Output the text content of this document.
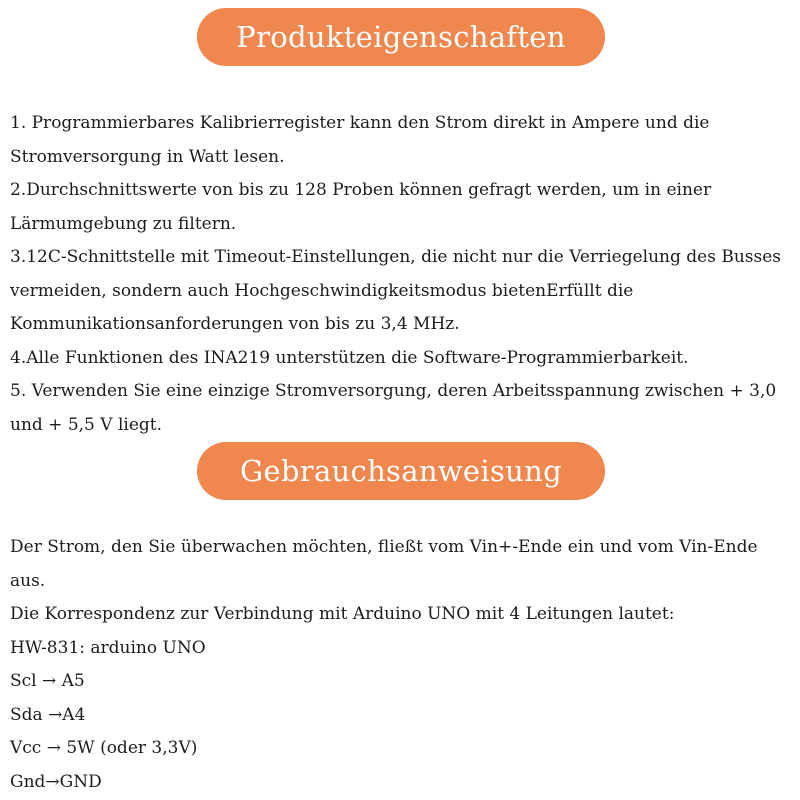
Produkteigenschaften
1. Programmierbares Kalibrierregister kann den Strom direkt in Ampere und die
Stromversorgung in Watt lesen.
2.Durchschnittswerte von bis zu 128 Proben können gefragt werden, um in einer
Lärmumgebung zu filtern.
3.12C-Schnittstelle mit Timeout-Einstellungen, die nicht nur die Verriegelung des Busses
vermeiden, sondern auch Hochgeschwindigkeitsmodus bietenErfüllt die
Kommunikationsanforderungen von bis zu 3,4 MHz.
4.Alle Funktionen des INA219 unterstützen die Software-Programmierbarkeit.
5. Verwenden Sie eine einzige Stromversorgung, deren Arbeitsspannung zwischen + 3,0
und + 5,5 V liegt.
Gebrauchsanweisung
Der Strom, den Sie überwachen möchten, fließt vom Vin+-Ende ein und vom Vin-Ende
aus.
Die Korrespondenz zur Verbindung mit Arduino UNO mit 4 Leitungen lautet:
HW-831: arduino UNO
Scl → A5
Sda →A4
Vcc → 5W (oder 3,3V)
Gnd→GND
